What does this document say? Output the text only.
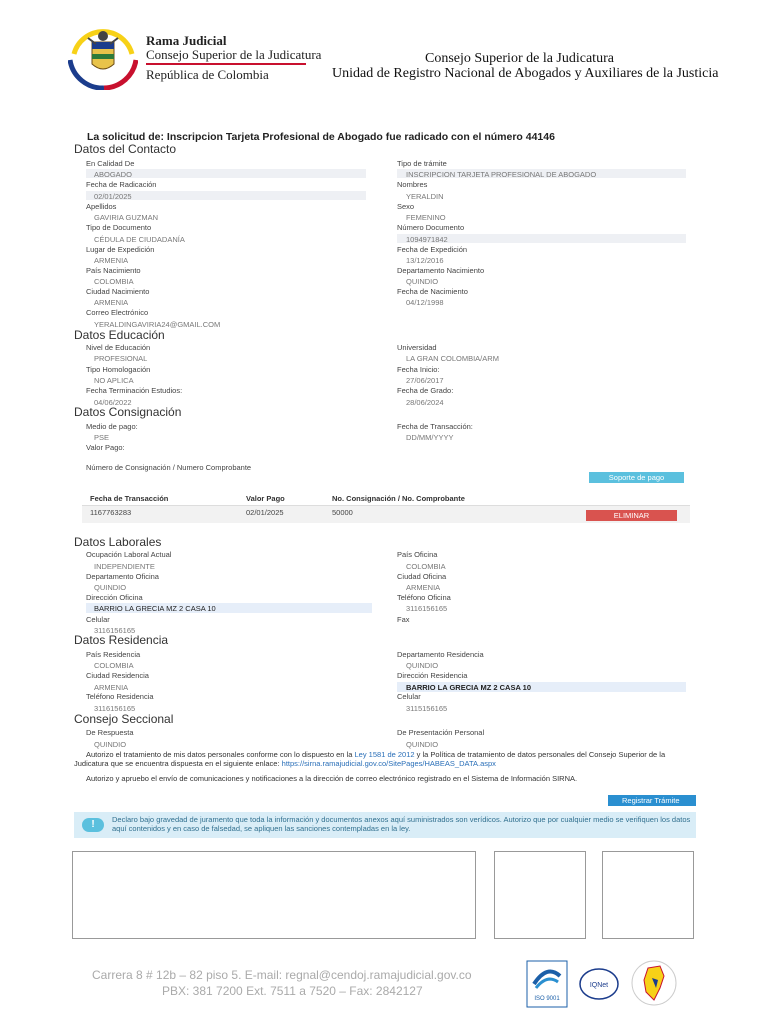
Rama Judicial
Consejo Superior de la Judicatura
República de Colombia
Consejo Superior de la Judicatura
Unidad de Registro Nacional de Abogados y Auxiliares de la Justicia
La solicitud de: Inscripcion Tarjeta Profesional de Abogado fue radicado con el número 44146
Datos del Contacto
En Calidad De	Tipo de trámite
ABOGADO	INSCRIPCION TARJETA PROFESIONAL DE ABOGADO
Fecha de Radicación	Nombres
02/01/2025	YERALDIN
Apellidos	Sexo
GAVIRIA GUZMAN	FEMENINO
Tipo de Documento	Número Documento
CÉDULA DE CIUDADANÍA	1094971842
Lugar de Expedición	Fecha de Expedición
ARMENIA	13/12/2016
País Nacimiento	Departamento Nacimiento
COLOMBIA	QUINDIO
Ciudad Nacimiento	Fecha de Nacimiento
ARMENIA	04/12/1998
Correo Electrónico
YERALDINGAVIRIA24@GMAIL.COM
Datos Educación
Nivel de Educación	Universidad
PROFESIONAL	LA GRAN COLOMBIA/ARM
Tipo Homologación	Fecha Inicio:
NO APLICA	27/06/2017
Fecha Terminación Estudios:	Fecha de Grado:
04/06/2022	28/06/2024
Datos Consignación
Medio de pago:	Fecha de Transacción:
PSE	DD/MM/YYYY
Valor Pago:
Número de Consignación / Numero Comprobante
Soporte de pago
Fecha de Transacción	Valor Pago	No. Consignación / No. Comprobante
1167763283	02/01/2025	50000	ELIMINAR
Datos Laborales
Ocupación Laboral Actual	País Oficina
INDEPENDIENTE	COLOMBIA
Departamento Oficina	Ciudad Oficina
QUINDIO	ARMENIA
Dirección Oficina	Teléfono Oficina
BARRIO LA GRECIA MZ 2 CASA 10	3116156165
Celular	Fax
3116156165
Datos Residencia
País Residencia	Departamento Residencia
COLOMBIA	QUINDIO
Ciudad Residencia	Dirección Residencia
ARMENIA	BARRIO LA GRECIA MZ 2 CASA 10
Teléfono Residencia	Celular
3116156165	3115156165
Consejo Seccional
De Respuesta	De Presentación Personal
QUINDIO	QUINDIO
Autorizo el tratamiento de mis datos personales conforme con lo dispuesto en la Ley 1581 de 2012 y la Política de tratamiento de datos personales del Consejo Superior de la Judicatura que se encuentra dispuesta en el siguiente enlace: https://sirna.ramajudicial.gov.co/SitePages/HABEAS_DATA.aspx
Autorizo y apruebo el envío de comunicaciones y notificaciones a la dirección de correo electrónico registrado en el Sistema de Información SIRNA.
Registrar Trámite
!	Declaro bajo gravedad de juramento que toda la información y documentos anexos aquí suministrados son verídicos. Autorizo que por cualquier medio se verifiquen los datos aquí contenidos y en caso de falsedad, se apliquen las sanciones contempladas en la ley.
Carrera 8 # 12b – 82 piso 5. E-mail: regnal@cendoj.ramajudicial.gov.co
PBX: 381 7200 Ext. 7511 a 7520 – Fax: 2842127
ISO 9001
IQNet
